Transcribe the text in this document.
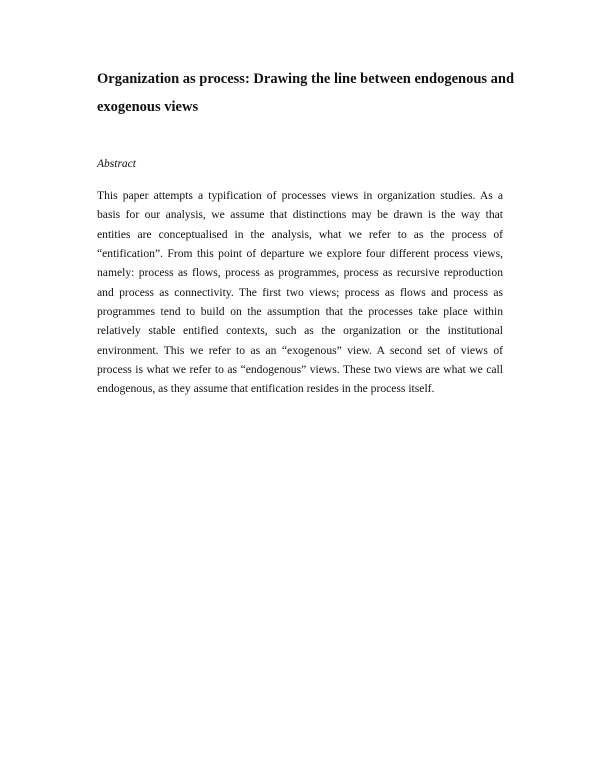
Organization as process: Drawing the line between endogenous and
exogenous views
Abstract
This paper attempts a typification of processes views in organization studies. As a
basis for our analysis, we assume that distinctions may be drawn is the way that
entities are conceptualised in the analysis, what we refer to as the process of
“entification”. From this point of departure we explore four different process views,
namely: process as flows, process as programmes, process as recursive reproduction
and process as connectivity. The first two views; process as flows and process as
programmes tend to build on the assumption that the processes take place within
relatively stable entified contexts, such as the organization or the institutional
environment. This we refer to as an “exogenous” view. A second set of views of
process is what we refer to as “endogenous” views. These two views are what we call
endogenous, as they assume that entification resides in the process itself.
